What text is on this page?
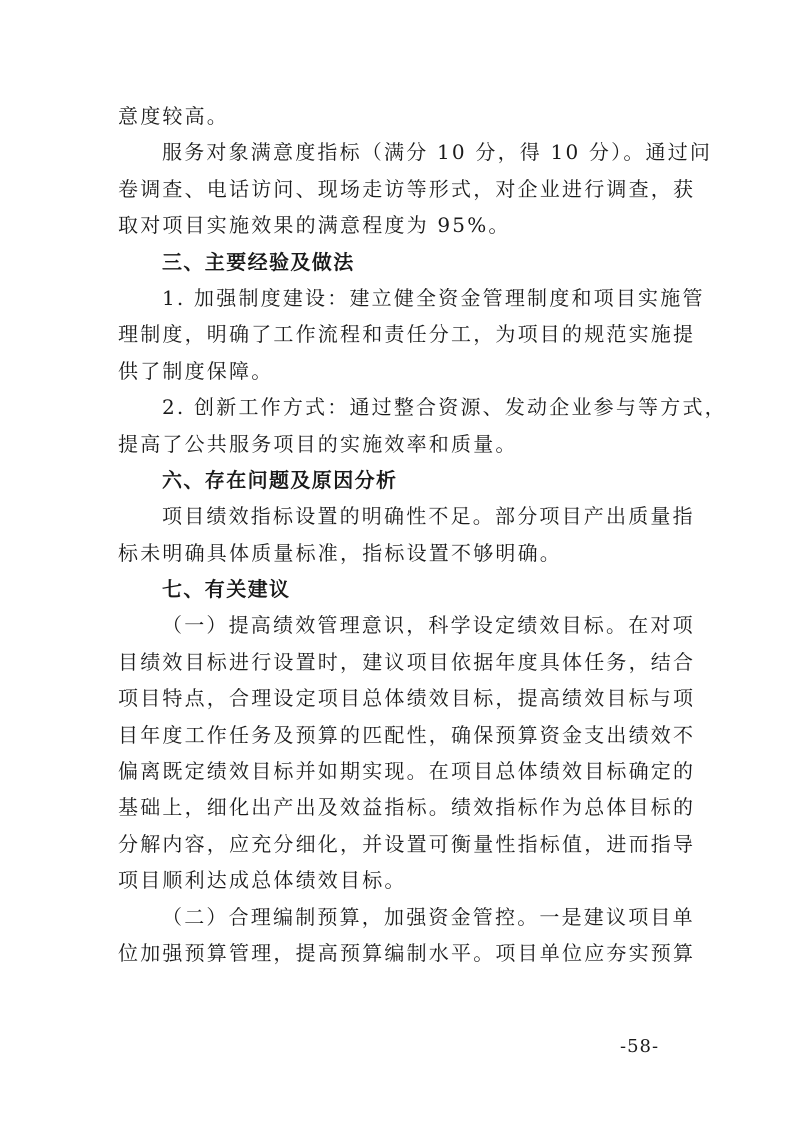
意度较高。
服务对象满意度指标（满分 10 分，得 10 分）。通过问
卷调查、电话访问、现场走访等形式，对企业进行调查，获
取对项目实施效果的满意程度为 95%。
三、主要经验及做法
1. 加强制度建设：建立健全资金管理制度和项目实施管
理制度，明确了工作流程和责任分工，为项目的规范实施提
供了制度保障。
2. 创新工作方式：通过整合资源、发动企业参与等方式，
提高了公共服务项目的实施效率和质量。
六、存在问题及原因分析
项目绩效指标设置的明确性不足。部分项目产出质量指
标未明确具体质量标准，指标设置不够明确。
七、有关建议
（一）提高绩效管理意识，科学设定绩效目标。在对项
目绩效目标进行设置时，建议项目依据年度具体任务，结合
项目特点，合理设定项目总体绩效目标，提高绩效目标与项
目年度工作任务及预算的匹配性，确保预算资金支出绩效不
偏离既定绩效目标并如期实现。在项目总体绩效目标确定的
基础上，细化出产出及效益指标。绩效指标作为总体目标的
分解内容，应充分细化，并设置可衡量性指标值，进而指导
项目顺利达成总体绩效目标。
（二）合理编制预算，加强资金管控。一是建议项目单
位加强预算管理，提高预算编制水平。项目单位应夯实预算
-58-
